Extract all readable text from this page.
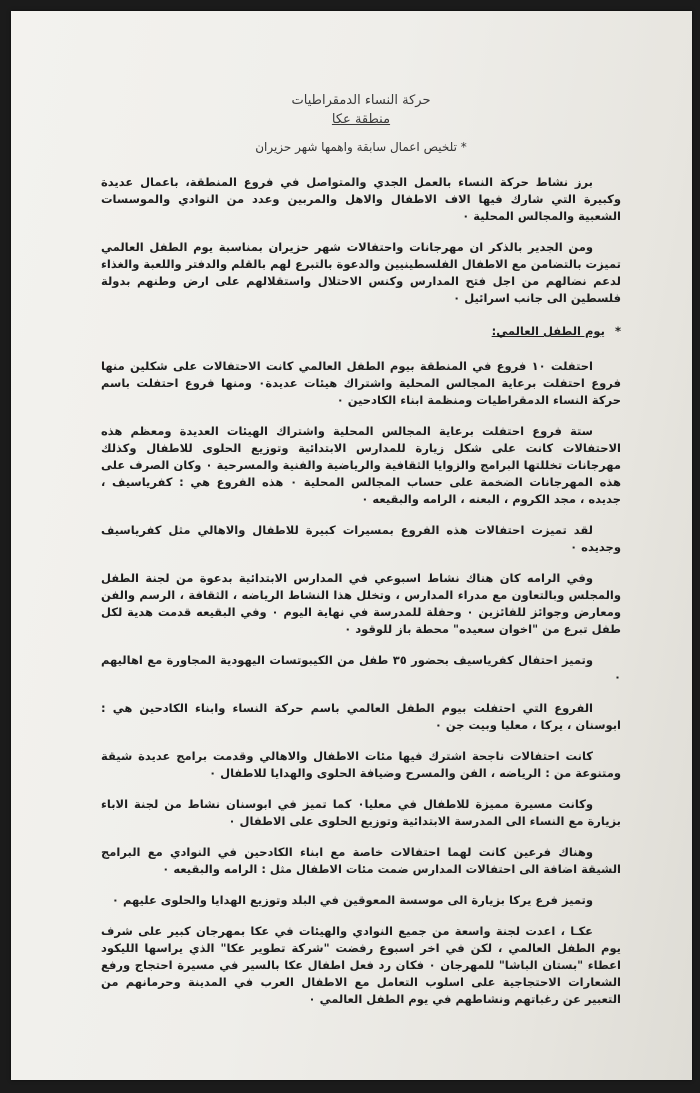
حركة النساء الدمقراطيات
منطقة عكا
* تلخيص اعمال سابقة واهمها شهر حزيران

برز نشاط حركة النساء بالعمل الجدي والمتواصل في فروع المنطقة، باعمال عديدة وكبيرة التي شارك فيها الاف الاطفال والاهل والمربين وعدد من النوادي والموسسات الشعبية والمجالس المحلية ٠

ومن الجدير بالذكر ان مهرجانات واحتفالات شهر حزيران بمناسبة يوم الطفل العالمي تميزت بالتضامن مع الاطفال الفلسطينيين والدعوة بالتبرع لهم بالقلم والدفتر واللعبة والغذاء لدعم نضالهم من اجل فتح المدارس وكنس الاحتلال واستقلالهم على ارض وطنهم بدولة فلسطين الى جانب اسرائيل ٠

* يوم الطفل العالمي:

احتفلت ١٠ فروع في المنطقة بيوم الطفل العالمي كانت الاحتفالات على شكلين منها فروع احتفلت برعاية المجالس المحلية واشتراك هيئات عديدة٠ ومنها فروع احتفلت باسم حركة النساء الدمقراطيات ومنظمة ابناء الكادحين ٠

ستة فروع احتفلت برعاية المجالس المحلية واشتراك الهيئات العديدة ومعظم هذه الاحتفالات كانت على شكل زيارة للمدارس الابتدائية وتوزيع الحلوى للاطفال وكذلك مهرجانات تخللتها البرامج والزوايا الثقافية والرياضية والفنية والمسرحية ٠ وكان الصرف على هذه المهرجانات الضخمة على حساب المجالس المحلية ٠ هذه الفروع هي : كفرياسيف ، جديده ، مجد الكروم ، البعنه ، الرامه والبقيعه ٠

لقد تميزت احتفالات هذه الفروع بمسيرات كبيرة للاطفال والاهالي مثل كفرياسيف وجديده ٠

وفي الرامه كان هناك نشاط اسبوعي في المدارس الابتدائية بدعوة من لجنة الطفل والمجلس وبالتعاون مع مدراء المدارس ، وتخلل هذا النشاط الرياضه ، الثقافة ، الرسم والفن ومعارض وجوائز للفائزين ٠ وحفلة للمدرسة في نهاية اليوم ٠ وفي البقيعه قدمت هدية لكل طفل تبرع من "اخوان سعيده" محطة باز للوقود ٠

وتميز احتفال كفرياسيف بحضور ٣٥ طفل من الكيبوتسات اليهودية المجاورة مع اهاليهم ٠

الفروع التي احتفلت بيوم الطفل العالمي باسم حركة النساء وابناء الكادحين هي : ابوسنان ، يركا ، معليا وبيت جن ٠

كانت احتفالات ناجحة اشترك فيها مئات الاطفال والاهالي وقدمت برامج عديدة شيقة ومتنوعة من : الرياضه ، الفن والمسرح وضيافة الحلوى والهدايا للاطفال ٠

وكانت مسيرة مميزة للاطفال في معليا٠ كما تميز في ابوسنان نشاط من لجنة الاباء بزيارة مع النساء الى المدرسة الابتدائية وتوزيع الحلوى على الاطفال ٠

وهناك فرعين كانت لهما احتفالات خاصة مع ابناء الكادحين في النوادي مع البرامج الشيقة اضافة الى احتفالات المدارس ضمت مئات الاطفال مثل : الرامه والبقيعه ٠

وتميز فرع يركا بزيارة الى موسسة المعوقين في البلد وتوزيع الهدايا والحلوى عليهم ٠

عكـا ، اعدت لجنة واسعة من جميع النوادي والهيئات في عكا بمهرجان كبير على شرف يوم الطفل العالمي ، لكن في اخر اسبوع رفضت "شركة تطوير عكا" الذي يراسها الليكود اعطاء "بستان الباشا" للمهرجان ٠ فكان رد فعل اطفال عكا بالسير في مسيرة احتجاج ورفع الشعارات الاحتجاجية على اسلوب التعامل مع الاطفال العرب في المدينة وحرمانهم من التعبير عن رغباتهم ونشاطهم في يوم الطفل العالمي ٠
